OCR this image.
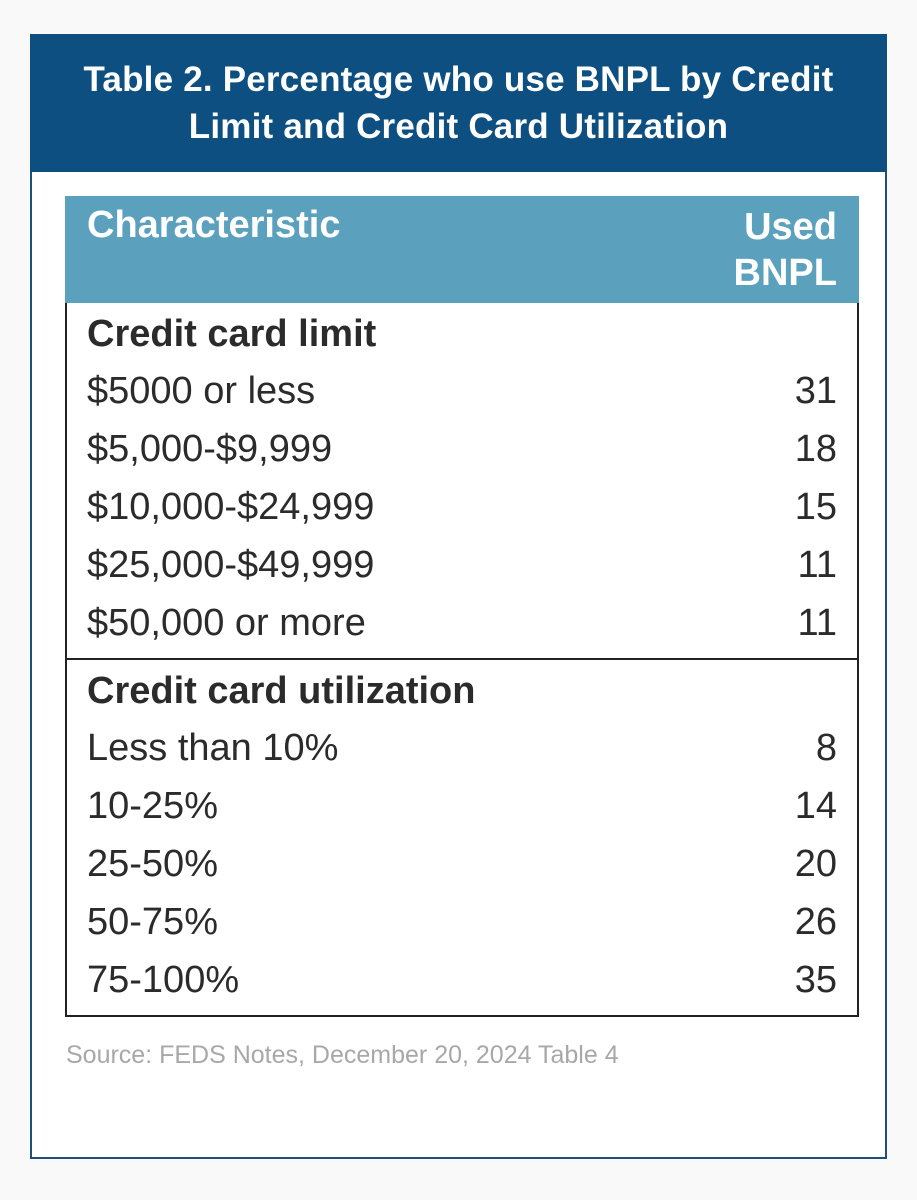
Table 2. Percentage who use BNPL by Credit Limit and Credit Card Utilization
Characteristic	Used
BNPL
Credit card limit
$5000 or less	31
$5,000-$9,999	18
$10,000-$24,999	15
$25,000-$49,999	11
$50,000 or more	11
Credit card utilization
Less than 10%	8
10-25%	14
25-50%	20
50-75%	26
75-100%	35
Source: FEDS Notes, December 20, 2024 Table 4
